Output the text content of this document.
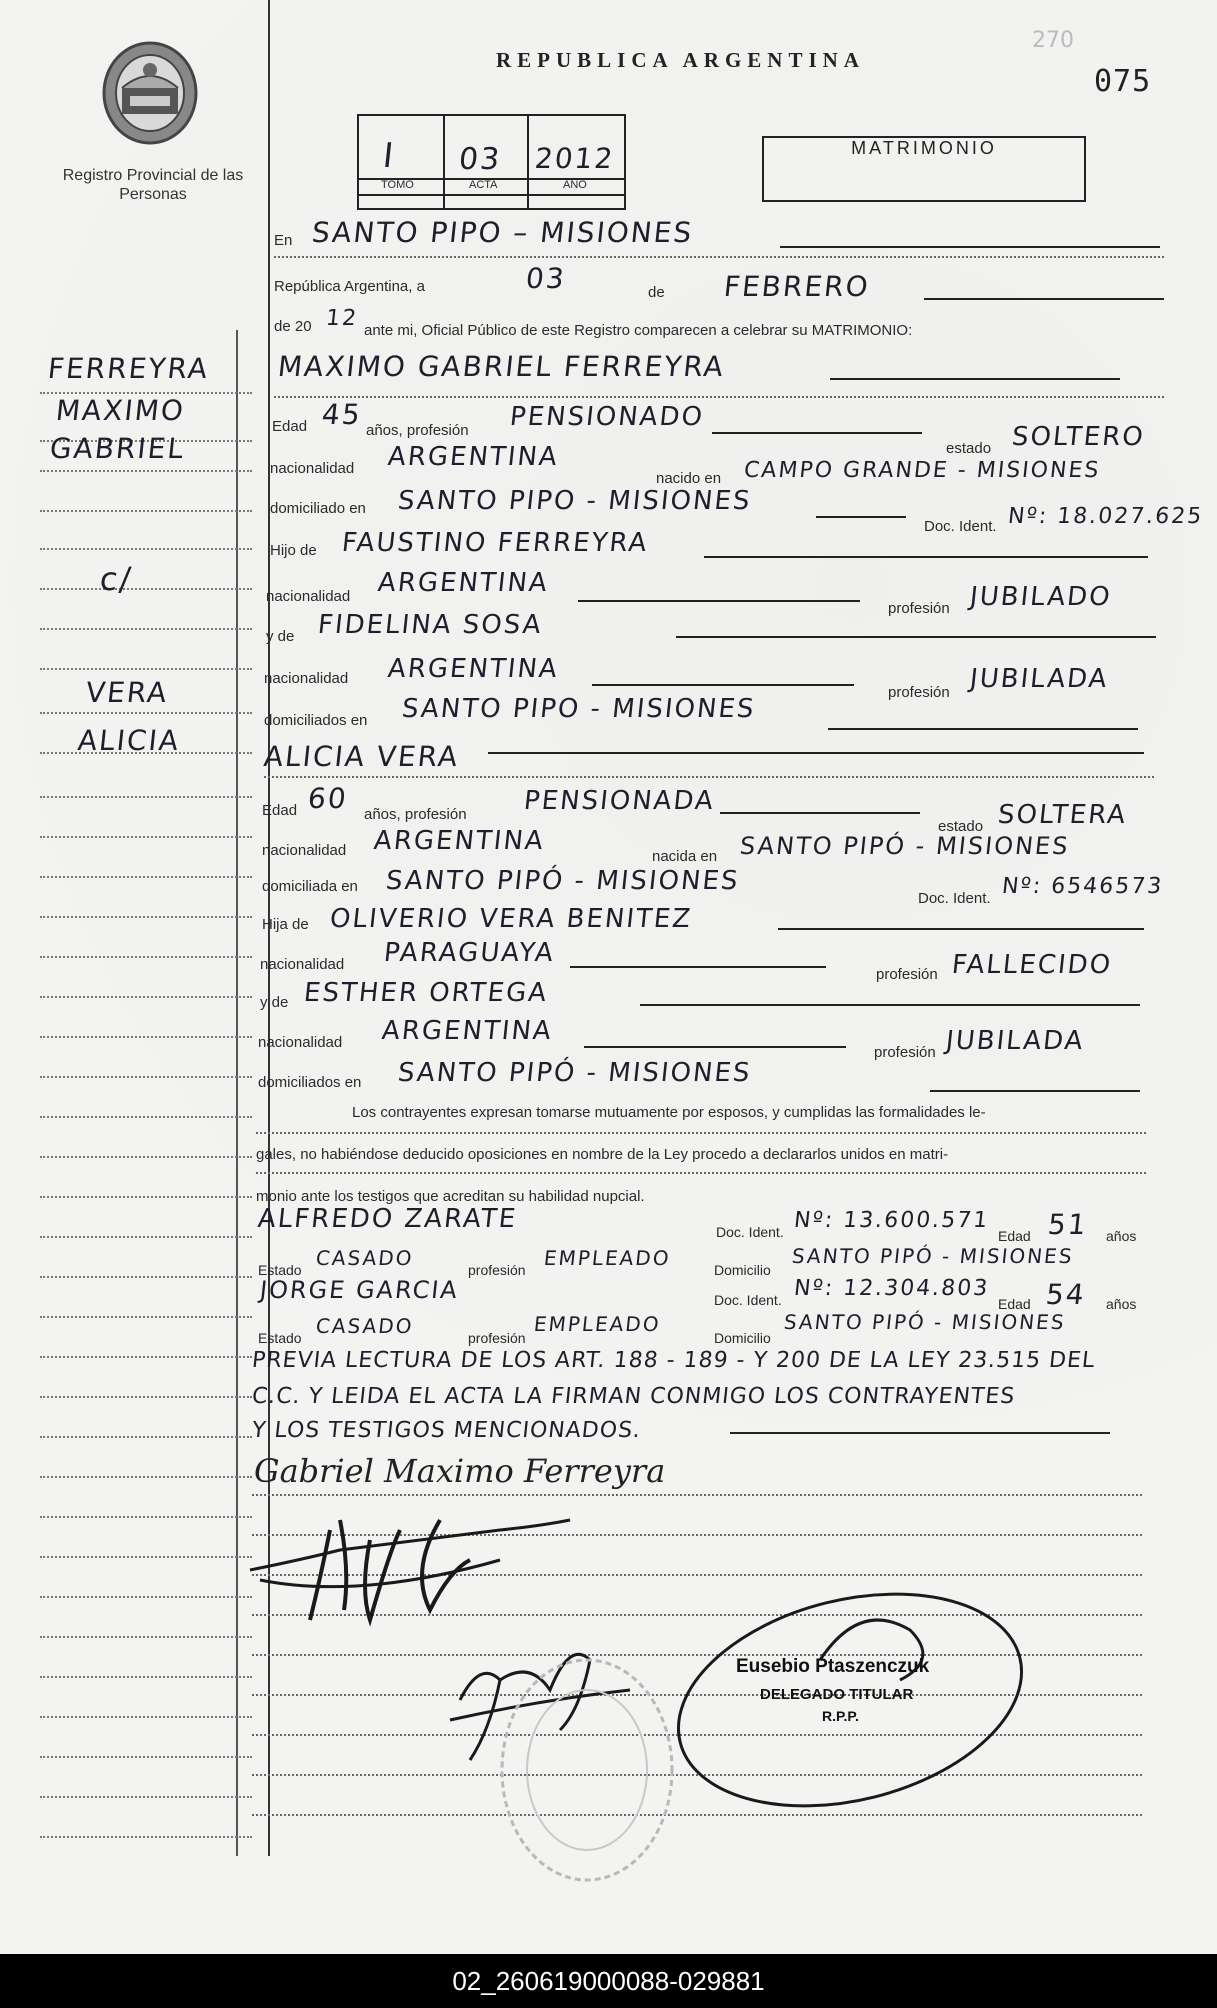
270
075
REPUBLICA ARGENTINA
Registro Provincial de las Personas
I 03 2012
TOMO	ACTA	AÑO
MATRIMONIO
FERREYRA
MAXIMO
GABRIEL
c/
VERA
ALICIA
En SANTO PIPO – MISIONES
República Argentina, a	03	de FEBRERO
de 20 12 ante mi, Oficial Público de este Registro comparecen a celebrar su MATRIMONIO:
MAXIMO GABRIEL FERREYRA
Edad 45 años, profesión PENSIONADO
estado SOLTERO
nacionalidad ARGENTINA
nacido en CAMPO GRANDE - MISIONES
domiciliado en SANTO PIPO - MISIONES
Doc. Ident. Nº: 18.027.625
Hijo de FAUSTINO FERREYRA
nacionalidad ARGENTINA
profesión JUBILADO
y de FIDELINA SOSA
nacionalidad ARGENTINA
profesión JUBILADA
domiciliados en SANTO PIPO - MISIONES
ALICIA VERA
Edad 60 años, profesión PENSIONADA
estado SOLTERA
nacionalidad ARGENTINA
nacida en SANTO PIPÓ - MISIONES
domiciliada en SANTO PIPÓ - MISIONES
Doc. Ident. Nº: 6546573
Hija de OLIVERIO VERA BENITEZ
nacionalidad PARAGUAYA
profesión FALLECIDO
y de ESTHER ORTEGA
nacionalidad ARGENTINA
profesión JUBILADA
domiciliados en SANTO PIPÓ - MISIONES
Los contrayentes expresan tomarse mutuamente por esposos, y cumplidas las formalidades le-
gales, no habiéndose deducido oposiciones en nombre de la Ley procedo a declararlos unidos en matri-
monio ante los testigos que acreditan su habilidad nupcial.
ALFREDO ZARATE	Doc. Ident. Nº: 13.600.571
Edad 51 años
Estado CASADO	profesión EMPLEADO	Domicilio
SANTO PIPÓ - MISIONES
JORGE GARCIA	Doc. Ident. Nº: 12.304.803
Edad 54 años
Estado CASADO	profesión
EMPLEADO
Domicilio
SANTO PIPÓ - MISIONES
PREVIA LECTURA DE LOS ART. 188 - 189 - Y 200 DE LA LEY 23.515 DEL
C.C. Y LEIDA EL ACTA LA FIRMAN CONMIGO LOS CONTRAYENTES
Y LOS TESTIGOS MENCIONADOS.
Gabriel Maximo Ferreyra
Eusebio Ptaszenczuk
DELEGADO TITULAR
R.P.P.
02_260619000088-029881
